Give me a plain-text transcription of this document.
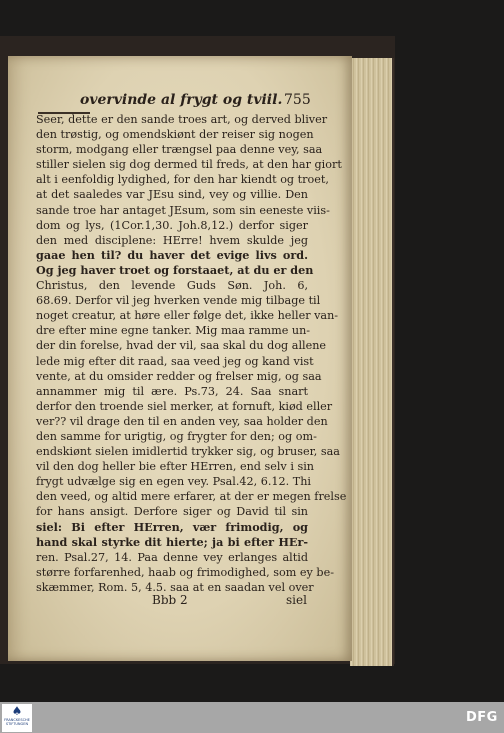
overvinde al frygt og tviil. 755
Seer, dette er den sande troes art, og derved bliver
den trøstig, og omendskiønt der reiser sig nogen
storm, modgang eller trængsel paa denne vey, saa
stiller sielen sig dog dermed til freds, at den har giort
alt i eenfoldig lydighed, for den har kiendt og troet,
at det saaledes var JEsu sind, vey og villie. Den
sande troe har antaget JEsum, som sin eeneste viis-
dom og lys, (1Cor.1,30. Joh.8,12.) derfor siger
den med disciplene: HErre! hvem skulde jeg
gaae hen til? du haver det evige livs ord.
Og jeg haver troet og forstaaet, at du er den
Christus, den levende Guds Søn. Joh. 6,
68.69. Derfor vil jeg hverken vende mig tilbage til
noget creatur, at høre eller følge det, ikke heller van-
dre efter mine egne tanker. Mig maa ramme un-
der din forelse, hvad der vil, saa skal du dog allene
lede mig efter dit raad, saa veed jeg og kand vist
vente, at du omsider redder og frelser mig, og saa
annammer mig til ære. Ps.73, 24. Saa snart
derfor den troende siel merker, at fornuft, kiød eller
ver?? vil drage den til en anden vey, saa holder den
den samme for urigtig, og frygter for den; og om-
endskiønt sielen imidlertid trykker sig, og bruser, saa
vil den dog heller bie efter HErren, end selv i sin
frygt udvælge sig en egen vey. Psal.42, 6.12. Thi
den veed, og altid mere erfarer, at der er megen frelse
for hans ansigt. Derfore siger og David til sin
siel: Bi efter HErren, vær frimodig, og
hand skal styrke dit hierte; ja bi efter HEr-
ren. Psal.27, 14. Paa denne vey erlanges altid
større forfarenhed, haab og frimodighed, som ey be-
skæmmer, Rom. 5, 4.5. saa at en saadan vel over
Bbb 2	siel
♠
FRANCKESCHE STIFTUNGEN	DFG
